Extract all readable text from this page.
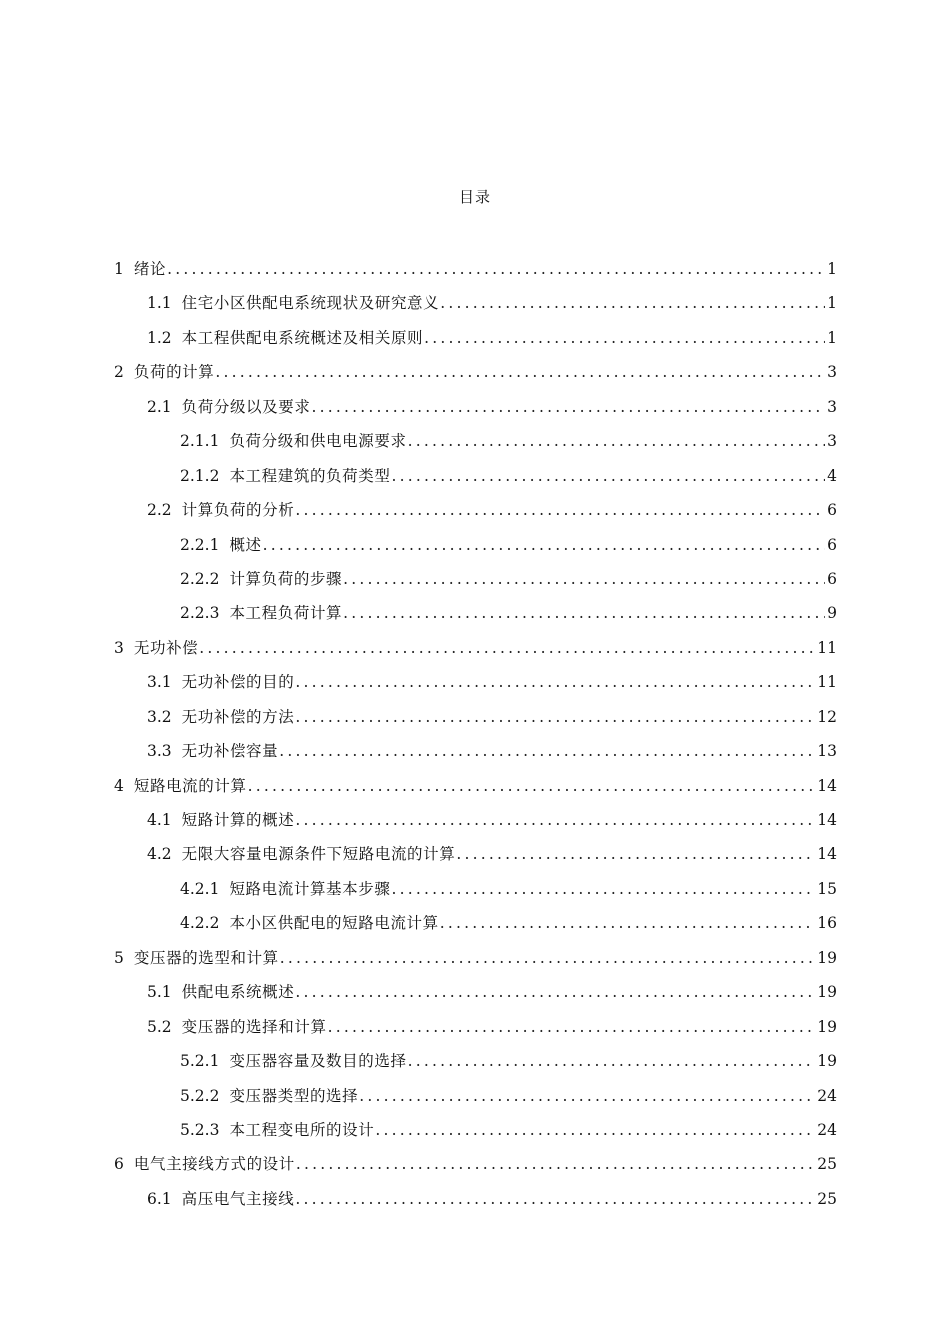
目录
1 绪论 .....	1
1.1 住宅小区供配电系统现状及研究意义 .....	1
1.2 本工程供配电系统概述及相关原则 .....	1
2 负荷的计算 .....	3
2.1 负荷分级以及要求 .....	3
2.1.1 负荷分级和供电电源要求 .....	3
2.1.2 本工程建筑的负荷类型 .....	4
2.2 计算负荷的分析 .....	6
2.2.1 概述 .....	6
2.2.2 计算负荷的步骤 .....	6
2.2.3 本工程负荷计算 .....	9
3 无功补偿 .....	11
3.1 无功补偿的目的 .....	11
3.2 无功补偿的方法 .....	12
3.3 无功补偿容量 .....	13
4 短路电流的计算 .....	14
4.1 短路计算的概述 .....	14
4.2 无限大容量电源条件下短路电流的计算 .....	14
4.2.1 短路电流计算基本步骤 .....	15
4.2.2 本小区供配电的短路电流计算 .....	16
5 变压器的选型和计算 .....	19
5.1 供配电系统概述 .....	19
5.2 变压器的选择和计算 .....	19
5.2.1 变压器容量及数目的选择 .....	19
5.2.2 变压器类型的选择 .....	24
5.2.3 本工程变电所的设计 .....	24
6 电气主接线方式的设计 .....	25
6.1 高压电气主接线 .....	25
